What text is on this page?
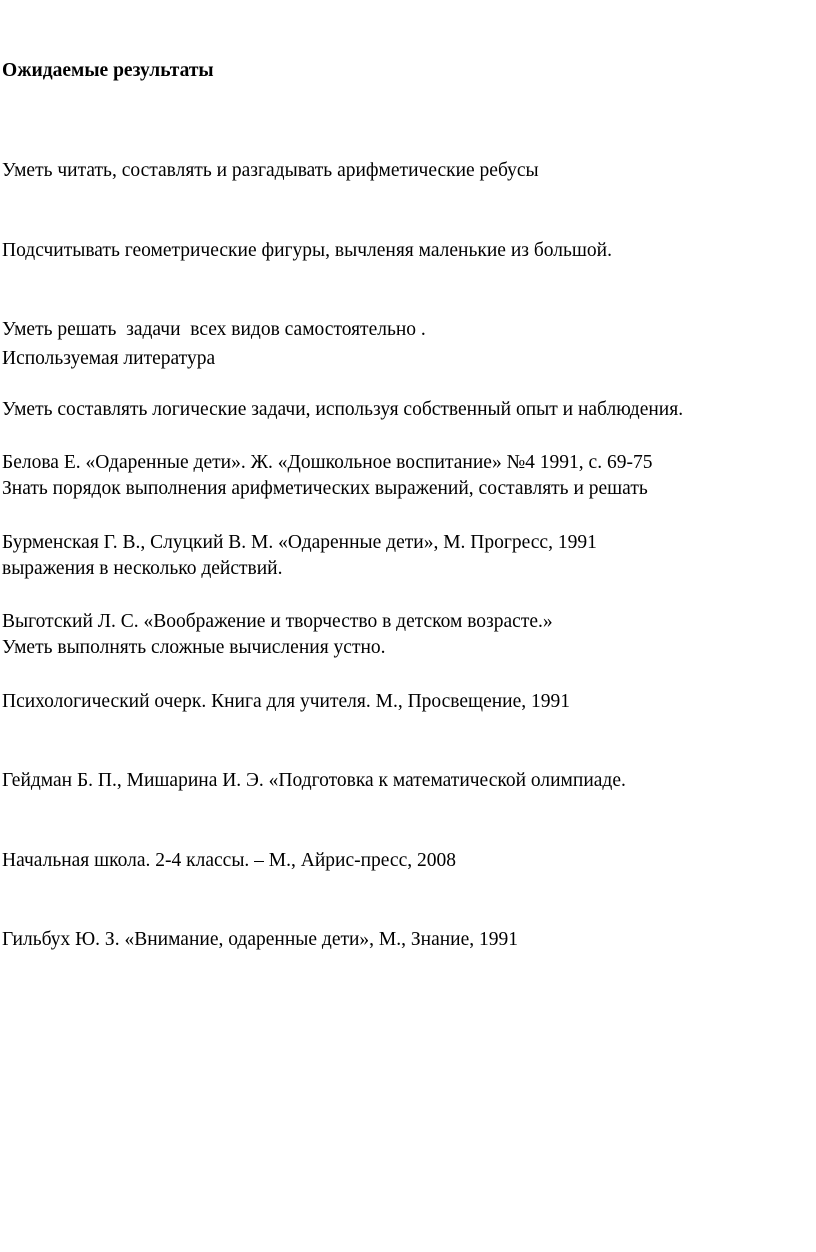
Ожидаемые результаты

Уметь читать, составлять и разгадывать арифметические ребусы

Подсчитывать геометрические фигуры, вычленяя маленькие из большой.

Уметь решать  задачи  всех видов самостоятельно .

Уметь составлять логические задачи, используя собственный опыт и наблюдения.

Знать порядок выполнения арифметических выражений, составлять и решать

выражения в несколько действий.

Уметь выполнять сложные вычисления устно.

Используемая литература

Белова Е. «Одаренные дети». Ж. «Дошкольное воспитание» №4 1991, с. 69-75

Бурменская Г. В., Слуцкий В. М. «Одаренные дети», М. Прогресс, 1991

Выготский Л. С. «Воображение и творчество в детском возрасте.»

Психологический очерк. Книга для учителя. М., Просвещение, 1991

Гейдман Б. П., Мишарина И. Э. «Подготовка к математической олимпиаде.

Начальная школа. 2-4 классы. – М., Айрис-пресс, 2008

Гильбух Ю. З. «Внимание, одаренные дети», М., Знание, 1991
